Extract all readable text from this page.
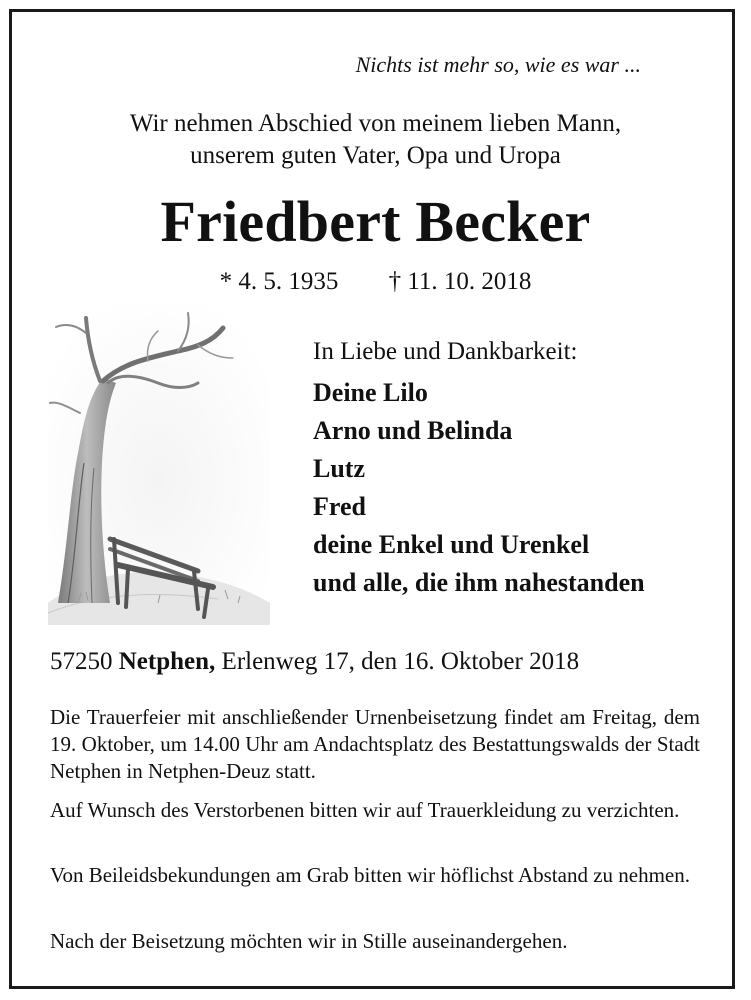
Nichts ist mehr so, wie es war ...
Wir nehmen Abschied von meinem lieben Mann,
unserem guten Vater, Opa und Uropa
Friedbert Becker
* 4. 5. 1935 † 11. 10. 2018
In Liebe und Dankbarkeit:
Deine Lilo
Arno und Belinda
Lutz
Fred
deine Enkel und Urenkel
und alle, die ihm nahestanden
57250 Netphen, Erlenweg 17, den 16. Oktober 2018
Die Trauerfeier mit anschließender Urnenbeisetzung findet am Freitag, dem 19. Oktober, um 14.00 Uhr am Andachtsplatz des Bestattungswalds der Stadt Netphen in Netphen-Deuz statt.
Auf Wunsch des Verstorbenen bitten wir auf Trauerkleidung zu verzichten.
Von Beileidsbekundungen am Grab bitten wir höflichst Abstand zu nehmen.
Nach der Beisetzung möchten wir in Stille auseinandergehen.
